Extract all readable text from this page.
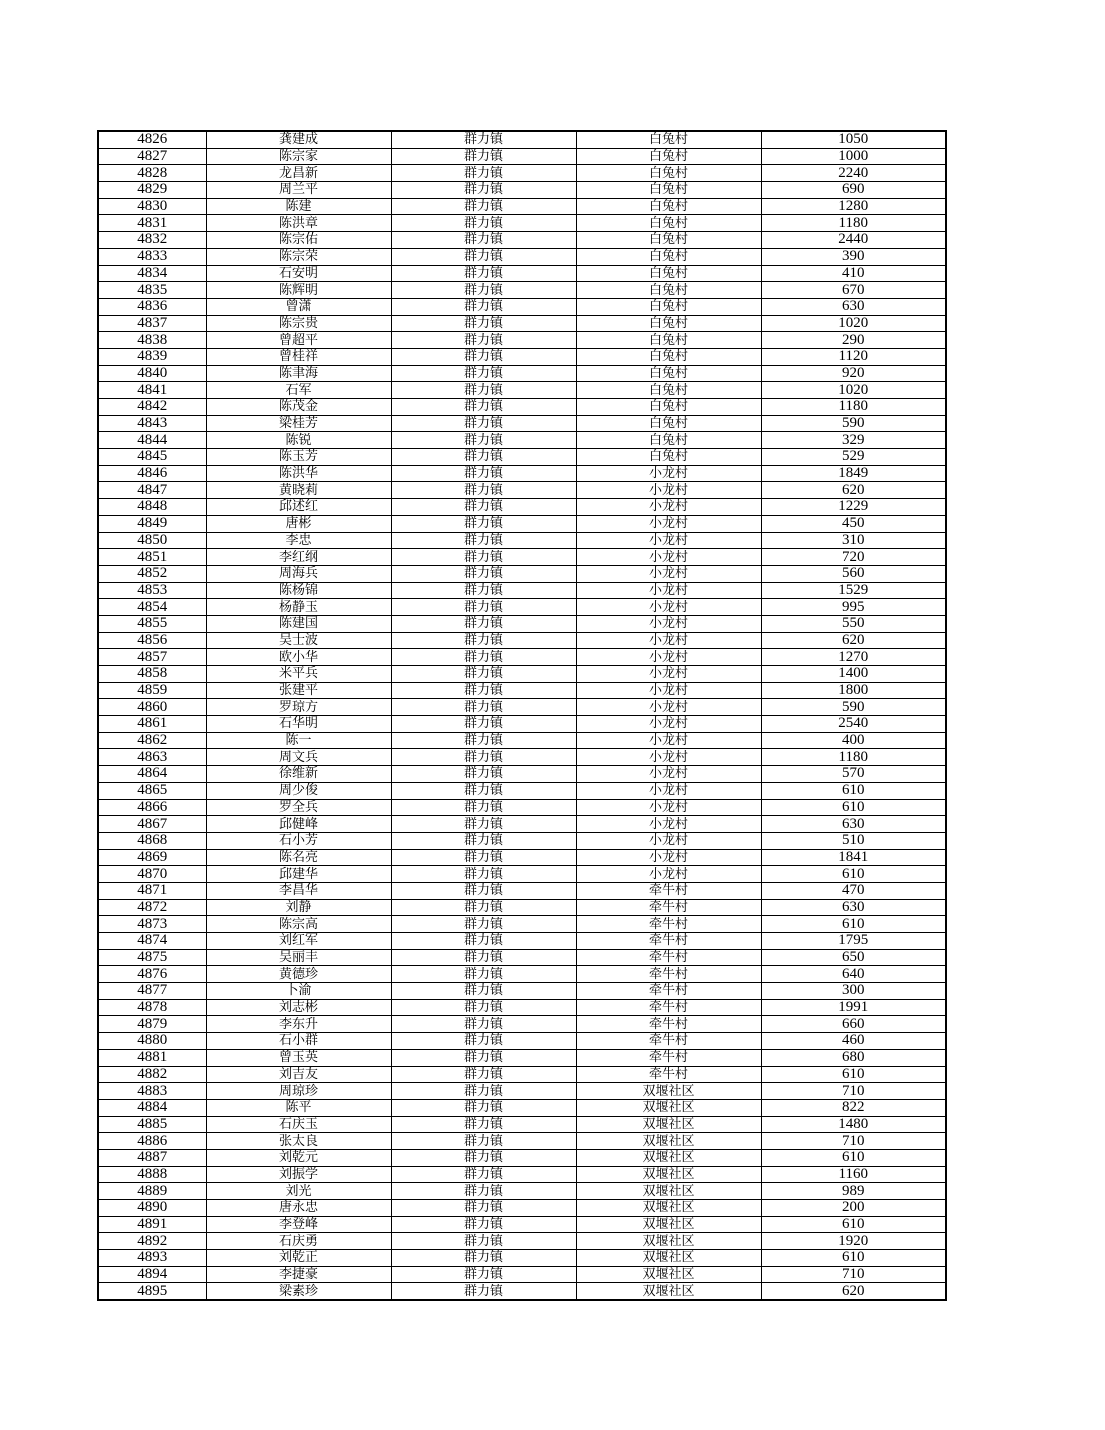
4826	龚建成	群力镇	白兔村	1050
4827	陈宗家	群力镇	白兔村	1000
4828	龙昌新	群力镇	白兔村	2240
4829	周兰平	群力镇	白兔村	690
4830	陈建	群力镇	白兔村	1280
4831	陈洪章	群力镇	白兔村	1180
4832	陈宗佑	群力镇	白兔村	2440
4833	陈宗荣	群力镇	白兔村	390
4834	石安明	群力镇	白兔村	410
4835	陈辉明	群力镇	白兔村	670
4836	曾潇	群力镇	白兔村	630
4837	陈宗贵	群力镇	白兔村	1020
4838	曾超平	群力镇	白兔村	290
4839	曾桂祥	群力镇	白兔村	1120
4840	陈聿海	群力镇	白兔村	920
4841	石军	群力镇	白兔村	1020
4842	陈茂金	群力镇	白兔村	1180
4843	梁桂芳	群力镇	白兔村	590
4844	陈锐	群力镇	白兔村	329
4845	陈玉芳	群力镇	白兔村	529
4846	陈洪华	群力镇	小龙村	1849
4847	黄晓莉	群力镇	小龙村	620
4848	邱述红	群力镇	小龙村	1229
4849	唐彬	群力镇	小龙村	450
4850	李忠	群力镇	小龙村	310
4851	李红纲	群力镇	小龙村	720
4852	周海兵	群力镇	小龙村	560
4853	陈杨锦	群力镇	小龙村	1529
4854	杨静玉	群力镇	小龙村	995
4855	陈建国	群力镇	小龙村	550
4856	吴士波	群力镇	小龙村	620
4857	欧小华	群力镇	小龙村	1270
4858	米平兵	群力镇	小龙村	1400
4859	张建平	群力镇	小龙村	1800
4860	罗琼方	群力镇	小龙村	590
4861	石华明	群力镇	小龙村	2540
4862	陈一	群力镇	小龙村	400
4863	周文兵	群力镇	小龙村	1180
4864	徐维新	群力镇	小龙村	570
4865	周少俊	群力镇	小龙村	610
4866	罗全兵	群力镇	小龙村	610
4867	邱健峰	群力镇	小龙村	630
4868	石小芳	群力镇	小龙村	510
4869	陈名亮	群力镇	小龙村	1841
4870	邱建华	群力镇	小龙村	610
4871	李昌华	群力镇	牵牛村	470
4872	刘静	群力镇	牵牛村	630
4873	陈宗高	群力镇	牵牛村	610
4874	刘红军	群力镇	牵牛村	1795
4875	吴丽丰	群力镇	牵牛村	650
4876	黄德珍	群力镇	牵牛村	640
4877	卜渝	群力镇	牵牛村	300
4878	刘志彬	群力镇	牵牛村	1991
4879	李东升	群力镇	牵牛村	660
4880	石小群	群力镇	牵牛村	460
4881	曾玉英	群力镇	牵牛村	680
4882	刘吉友	群力镇	牵牛村	610
4883	周琼珍	群力镇	双堰社区	710
4884	陈平	群力镇	双堰社区	822
4885	石庆玉	群力镇	双堰社区	1480
4886	张太良	群力镇	双堰社区	710
4887	刘乾元	群力镇	双堰社区	610
4888	刘振学	群力镇	双堰社区	1160
4889	刘光	群力镇	双堰社区	989
4890	唐永忠	群力镇	双堰社区	200
4891	李登峰	群力镇	双堰社区	610
4892	石庆勇	群力镇	双堰社区	1920
4893	刘乾正	群力镇	双堰社区	610
4894	李捷豪	群力镇	双堰社区	710
4895	梁素珍	群力镇	双堰社区	620
